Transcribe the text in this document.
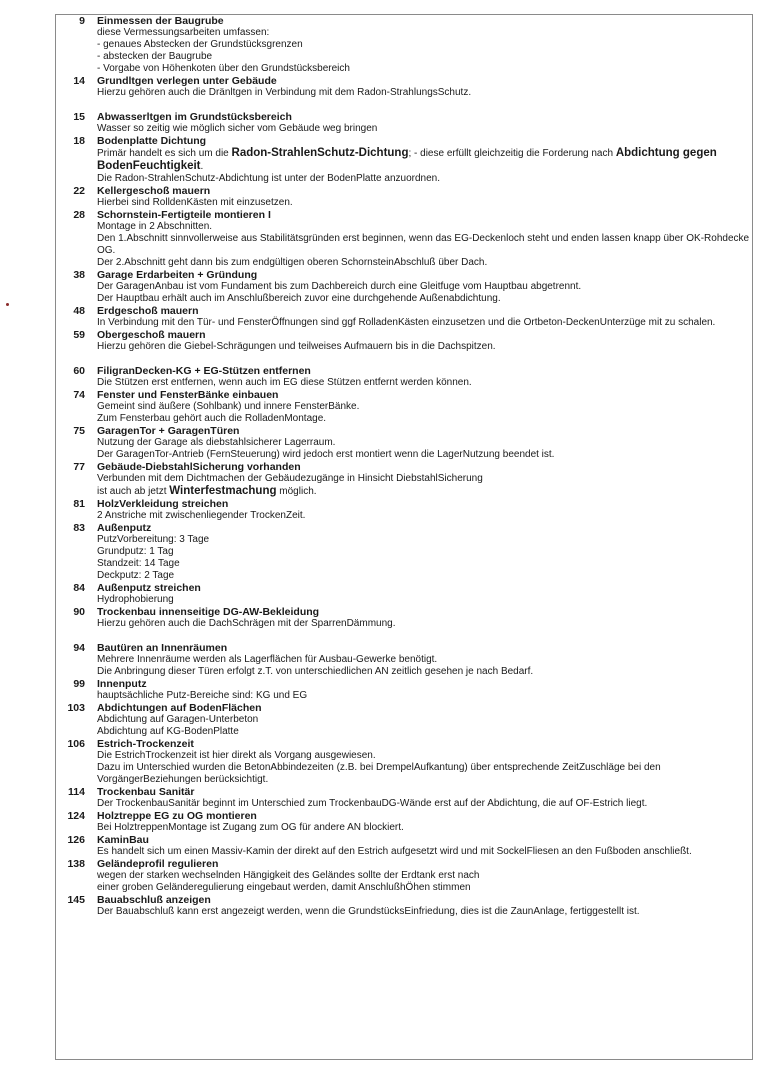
9 Einmessen der Baugrube
diese Vermessungsarbeiten umfassen:
- genaues Abstecken der Grundstücksgrenzen
- abstecken der Baugrube
- Vorgabe von Höhenkoten über den Grundstücksbereich
14 Grundltgen verlegen unter Gebäude
Hierzu gehören auch die Dränltgen in Verbindung mit dem Radon-StrahlungsSchutz.
15 Abwasserltgen im Grundstücksbereich
Wasser so zeitig wie möglich sicher vom Gebäude weg bringen
18 Bodenplatte Dichtung
Primär handelt es sich um die Radon-StrahlenSchutz-Dichtung; - diese erfüllt gleichzeitig die Forderung nach Abdichtung gegen BodenFeuchtigkeit.
Die Radon-StrahlenSchutz-Abdichtung ist unter der BodenPlatte anzuordnen.
22 Kellergeschoß mauern
Hierbei sind RolldenKästen mit einzusetzen.
28 Schornstein-Fertigteile montieren I
Montage in 2 Abschnitten.
Den 1.Abschnitt sinnvollerweise aus Stabilitätsgründen erst beginnen, wenn das EG-Deckenloch steht und enden lassen knapp über OK-Rohdecke OG.
Der 2.Abschnitt geht dann bis zum endgültigen oberen SchornsteinAbschluß über Dach.
38 Garage Erdarbeiten + Gründung
Der GaragenAnbau ist vom Fundament bis zum Dachbereich durch eine Gleitfuge vom Hauptbau abgetrennt.
Der Hauptbau erhält auch im Anschlußbereich zuvor eine durchgehende Außenabdichtung.
48 Erdgeschoß mauern
In Verbindung mit den Tür- und FensterÖffnungen sind ggf RolladenKästen einzusetzen und die Ortbeton-DeckenUnterzüge mit zu schalen.
59 Obergeschoß mauern
Hierzu gehören die Giebel-Schrägungen und teilweises Aufmauern bis in die Dachspitzen.
60 FiligranDecken-KG + EG-Stützen entfernen
Die Stützen erst entfernen, wenn auch im EG diese Stützen entfernt werden können.
74 Fenster und FensterBänke einbauen
Gemeint sind äußere (Sohlbank) und innere FensterBänke.
Zum Fensterbau gehört auch die RolladenMontage.
75 GaragenTor + GaragenTüren
Nutzung der Garage als diebstahlsicherer Lagerraum.
Der GaragenTor-Antrieb (FernSteuerung) wird jedoch erst montiert wenn die LagerNutzung beendet ist.
77 Gebäude-DiebstahlSicherung vorhanden
Verbunden mit dem Dichtmachen der Gebäudezugänge in Hinsicht DiebstahlSicherung
ist auch ab jetzt Winterfestmachung möglich.
81 HolzVerkleidung streichen
2 Anstriche mit zwischenliegender TrockenZeit.
83 Außenputz
PutzVorbereitung: 3 Tage
Grundputz: 1 Tag
Standzeit: 14 Tage
Deckputz: 2 Tage
84 Außenputz streichen
Hydrophobierung
90 Trockenbau innenseitige DG-AW-Bekleidung
Hierzu gehören auch die DachSchrägen mit der SparrenDämmung.
94 Bautüren an Innenräumen
Mehrere Innenräume werden als Lagerflächen für Ausbau-Gewerke benötigt.
Die Anbringung dieser Türen erfolgt z.T. von unterschiedlichen AN zeitlich gesehen je nach Bedarf.
99 Innenputz
hauptsächliche Putz-Bereiche sind: KG und EG
103 Abdichtungen auf BodenFlächen
Abdichtung auf Garagen-Unterbeton
Abdichtung auf KG-BodenPlatte
106 Estrich-Trockenzeit
Die EstrichTrockenzeit ist hier direkt als Vorgang ausgewiesen.
Dazu im Unterschied wurden die BetonAbbindezeiten (z.B. bei DrempelAufkantung) über entsprechende ZeitZuschläge bei den VorgängerBeziehungen berücksichtigt.
114 Trockenbau Sanitär
Der TrockenbauSanitär beginnt im Unterschied zum TrockenbauDG-Wände erst auf der Abdichtung, die auf OF-Estrich liegt.
124 Holztreppe EG zu OG montieren
Bei HolztreppenMontage ist Zugang zum OG für andere AN blockiert.
126 KaminBau
Es handelt sich um einen Massiv-Kamin der direkt auf den Estrich aufgesetzt wird und mit SockelFliesen an den Fußboden anschließt.
138 Geländeprofil regulieren
wegen der starken wechselnden Hängigkeit des Geländes sollte der Erdtank erst nach
einer groben Geländeregulierung eingebaut werden, damit AnschlußhÖhen stimmen
145 Bauabschluß anzeigen
Der Bauabschluß kann erst angezeigt werden, wenn die GrundstücksEinfriedung, dies ist die ZaunAnlage, fertiggestellt ist.
